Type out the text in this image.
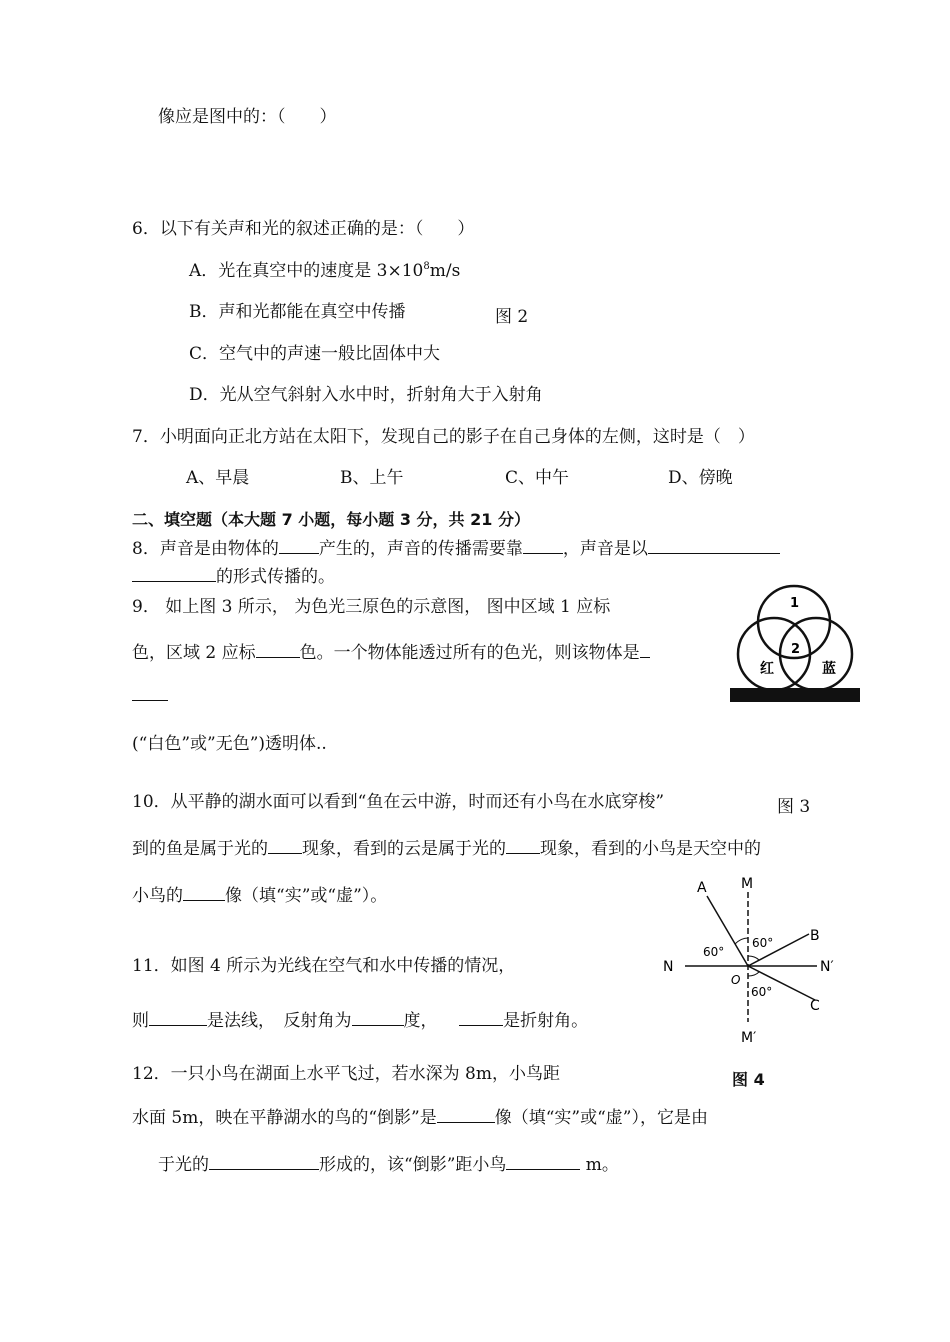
像应是图中的：（　　）
6．以下有关声和光的叙述正确的是：（　　）
A．光在真空中的速度是 $3\times 10^8m/s$
B．声和光都能在真空中传播	图 2
C．空气中的声速一般比固体中大
D．光从空气斜射入水中时，折射角大于入射角
7．小明面向正北方站在太阳下，发现自己的影子在自己身体的左侧，这时是（　）
A、早晨	B、上午	C、中午	D、傍晚
二、填空题（本大题 7 小题，每小题 3 分，共 21 分）
8．声音是由物体的 产生的，声音的传播需要靠 ，声音是以
的形式传播的。
9． 如上图 3 所示， 为色光三原色的示意图， 图中区域 1 应标
色，区域 2 应标	色。一个物体能透过所有的色光，则该物体是
(“白色”或”无色”)透明体..
1
2
红	蓝
10．从平静的湖水面可以看到“鱼在云中游，时而还有小鸟在水底穿梭”	图 3
到的鱼是属于光的 现象，看到的云是属于光的 现象，看到的小鸟是天空中的
小鸟的 像（填“实”或“虚”）。
11．如图 4 所示为光线在空气和水中传播的情况，
则	是法线，　反射角为	度，	是折射角。
A M
B
N	N′
O
C
M′
60°
60°
60°
图 4
12．一只小鸟在湖面上水平飞过，若水深为 8m，小鸟距
水面 5m，映在平静湖水的鸟的“倒影”是	像（填“实”或“虚”），它是由
于光的	形成的，该“倒影”距小鸟	m。
